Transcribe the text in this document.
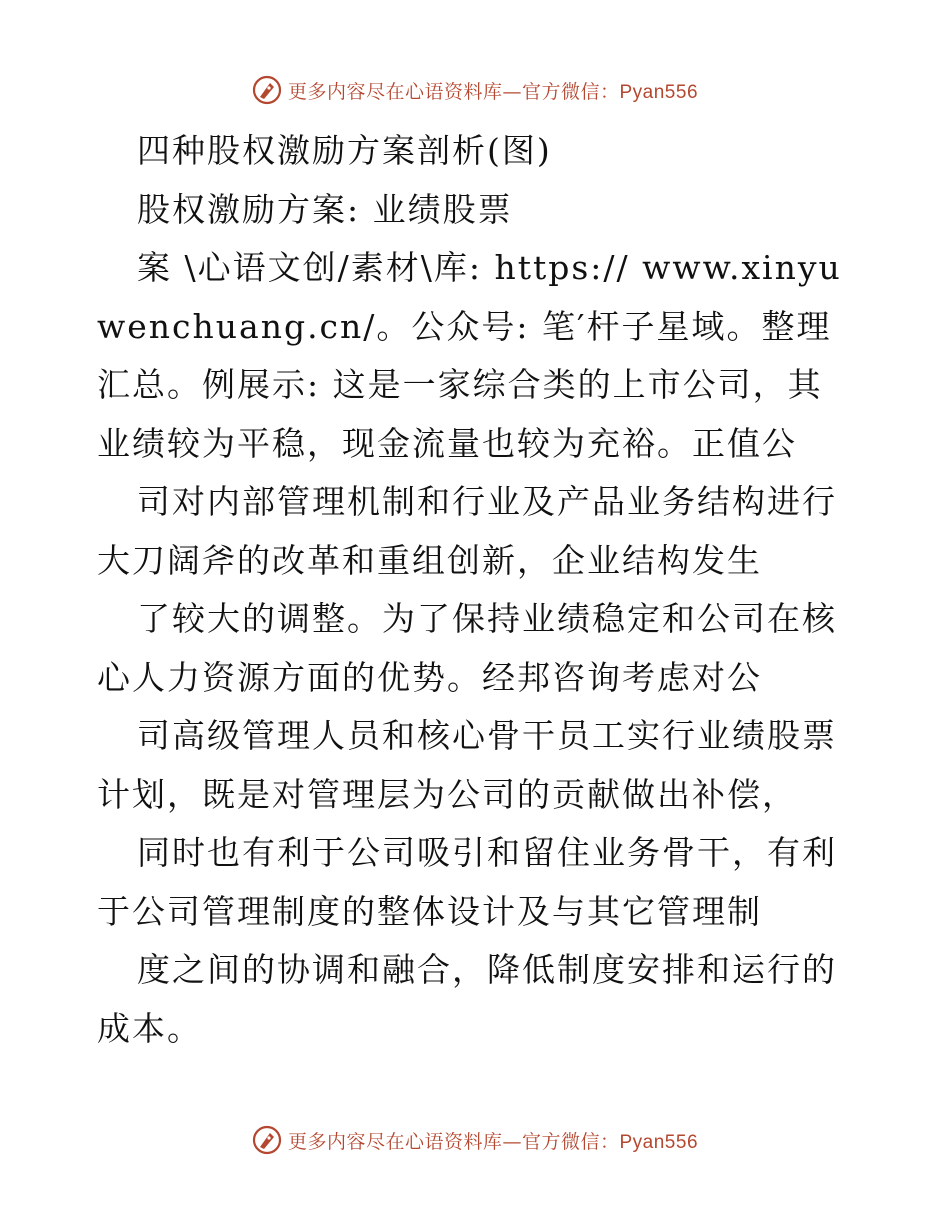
更多内容尽在心语资料库—官方微信：Pyan556

四种股权激励方案剖析(图)

股权激励方案: 业绩股票

案 \心语文创/素材\库: https:// www.xinyuwenchuang.cn/。公众号: 笔′杆子星域。整理汇总。例展示: 这是一家综合类的上市公司，其业绩较为平稳，现金流量也较为充裕。正值公

司对内部管理机制和行业及产品业务结构进行大刀阔斧的改革和重组创新，企业结构发生

了较大的调整。为了保持业绩稳定和公司在核心人力资源方面的优势。经邦咨询考虑对公

司高级管理人员和核心骨干员工实行业绩股票计划，既是对管理层为公司的贡献做出补偿，

同时也有利于公司吸引和留住业务骨干，有利于公司管理制度的整体设计及与其它管理制

度之间的协调和融合，降低制度安排和运行的成本。

更多内容尽在心语资料库—官方微信：Pyan556
